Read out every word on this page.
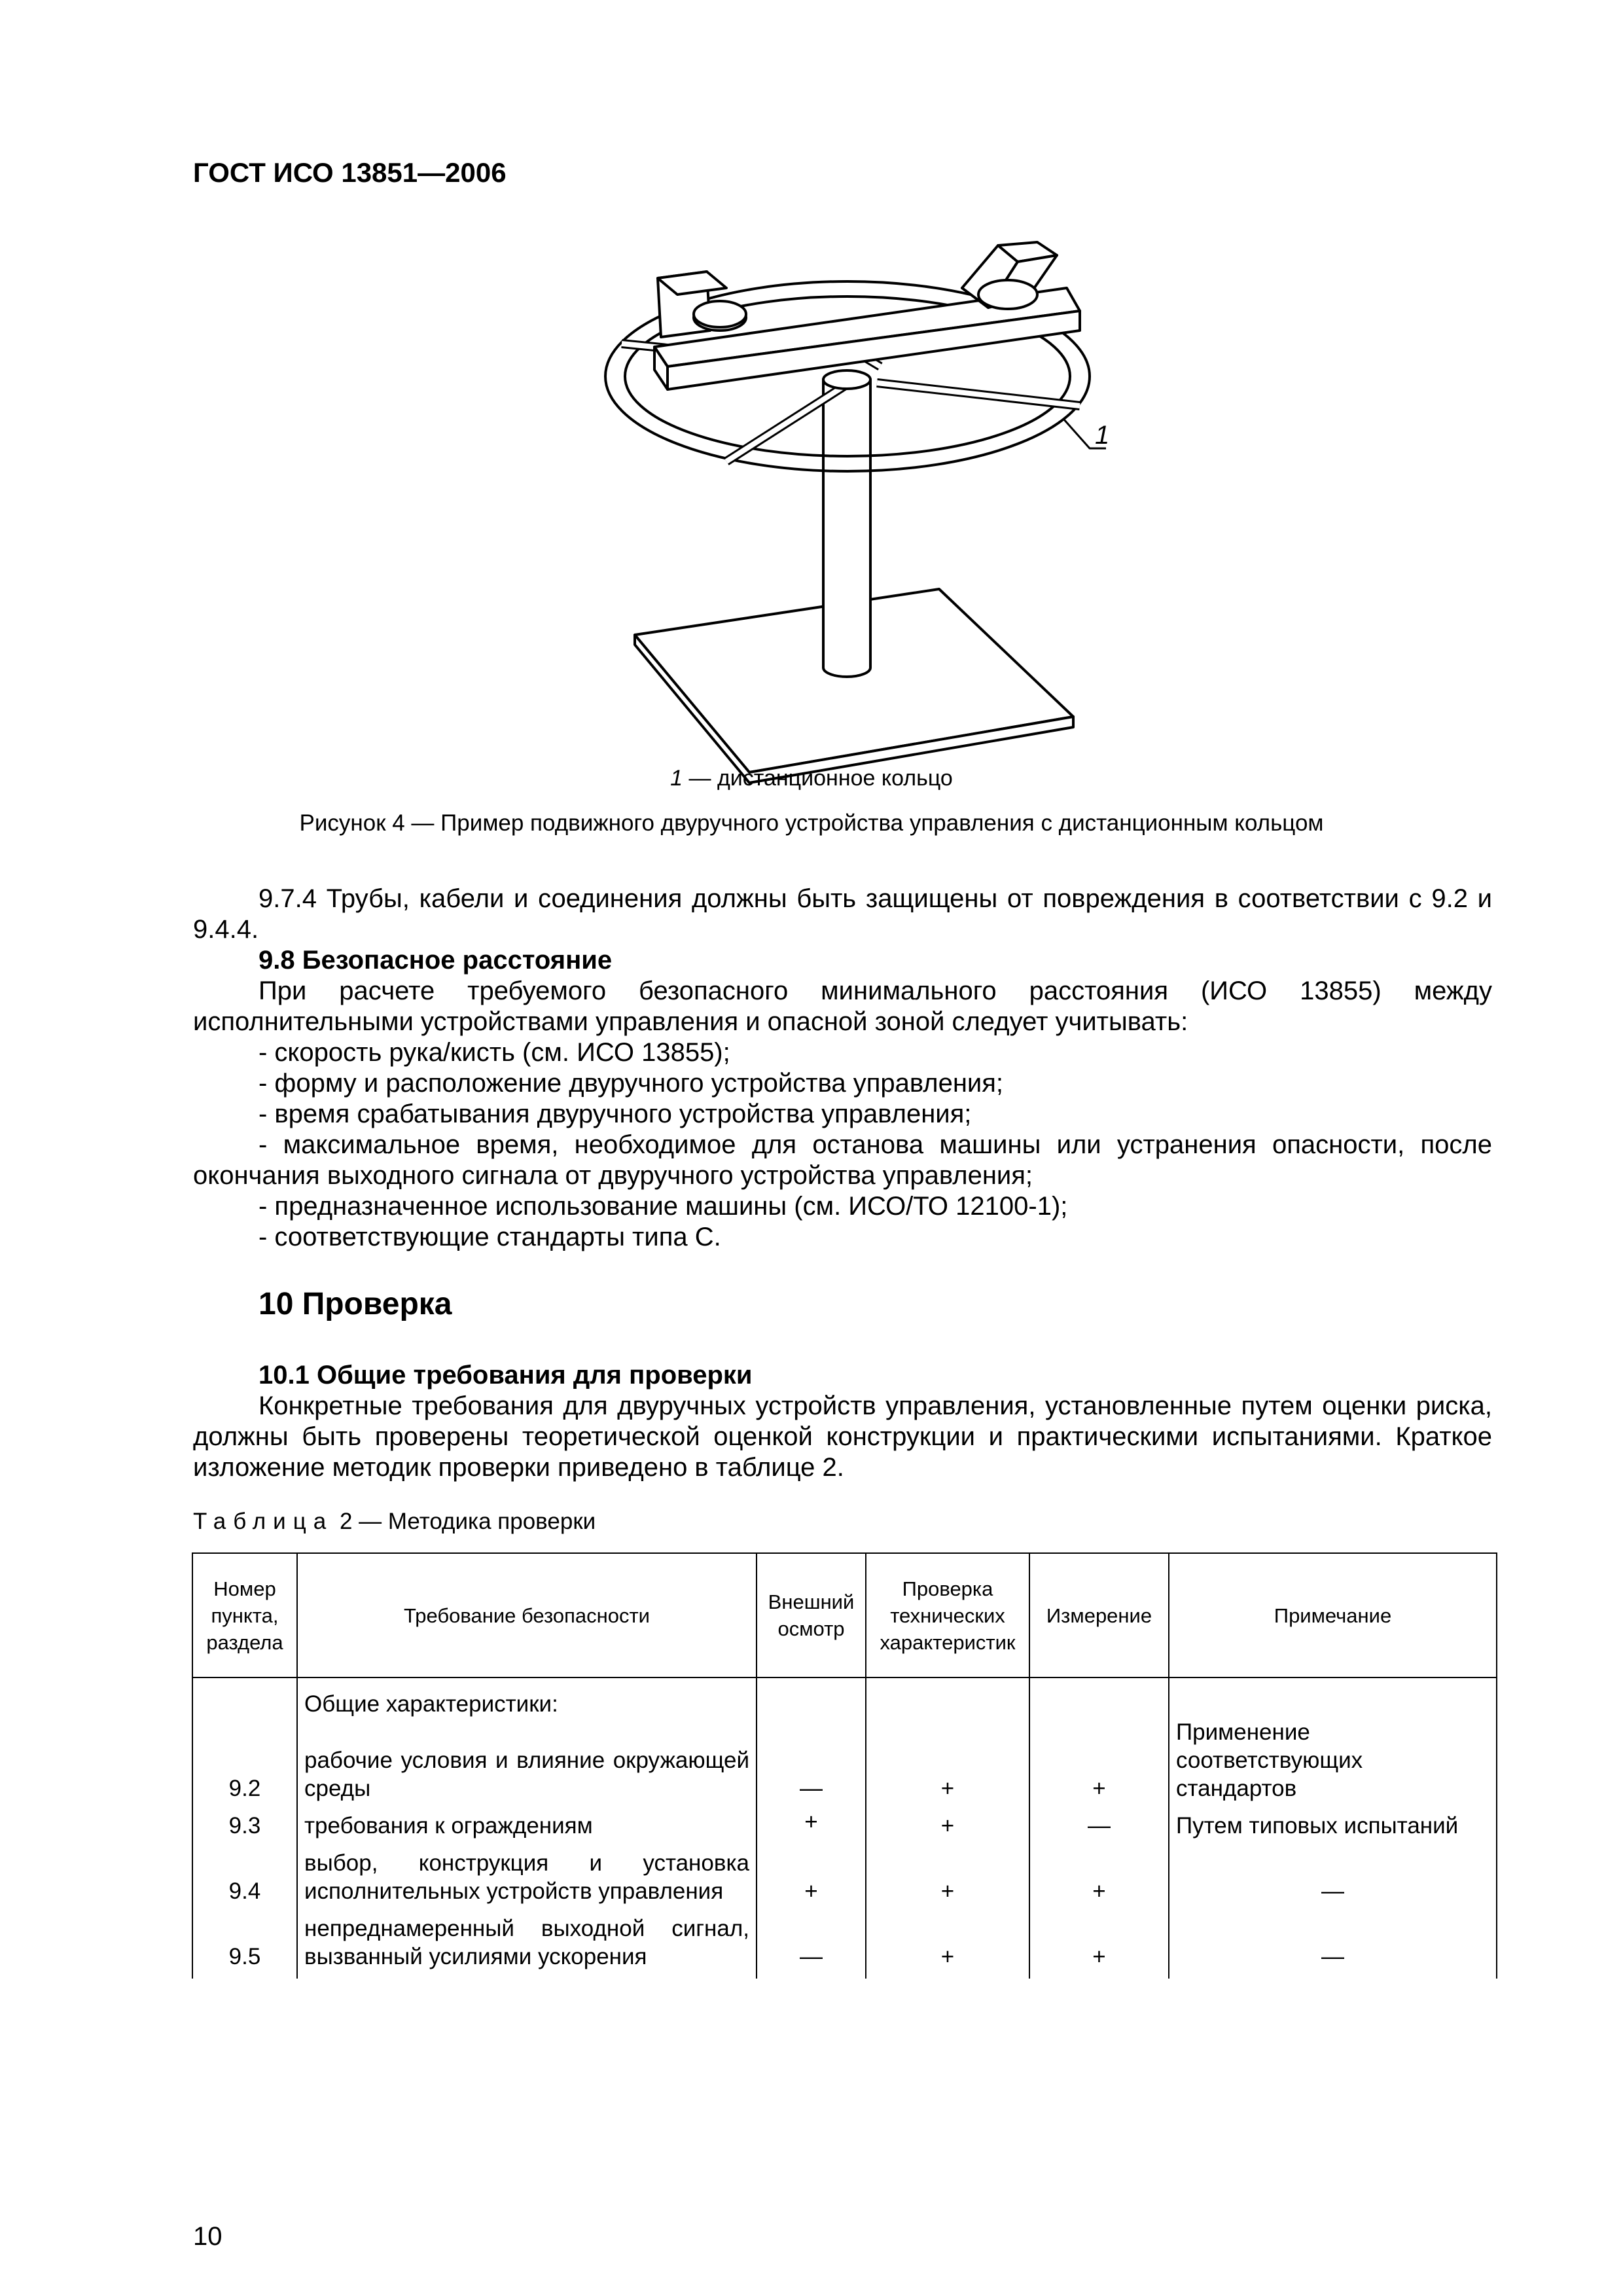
ГОСТ ИСО 13851—2006
1
1 — дистанционное кольцо
Рисунок 4 — Пример подвижного двуручного устройства управления с дистанционным кольцом

9.7.4 Трубы, кабели и соединения должны быть защищены от повреждения в соответствии с 9.2 и 9.4.4.

9.8 Безопасное расстояние

При расчете требуемого безопасного минимального расстояния (ИСО 13855) между исполнительными устройствами управления и опасной зоной следует учитывать:

- скорость рука/кисть (см. ИСО 13855);

- форму и расположение двуручного устройства управления;

- время срабатывания двуручного устройства управления;

- максимальное время, необходимое для останова машины или устранения опасности, после окончания выходного сигнала от двуручного устройства управления;

- предназначенное использование машины (см. ИСО/ТО 12100-1);

- соответствующие стандарты типа С.

10 Проверка

10.1 Общие требования для проверки

Конкретные требования для двуручных устройств управления, установленные путем оценки риска, должны быть проверены теоретической оценкой конструкции и практическими испытаниями. Краткое изложение методик проверки приведено в таблице 2.

Таблица 2 — Методика проверки
Номер пункта, раздела	Требование безопасности	Внешний осмотр	Проверка технических характеристик	Измерение	Примечание
	Общие характеристики:				
9.2	рабочие условия и влияние окружающей среды	—	+	+	Применение соответствующих стандартов
9.3	требования к ограждениям	+	+	—	Путем типовых испытаний
9.4	выбор, конструкция и установка исполнительных устройств управления	+	+	+	—
9.5	непреднамеренный выходной сигнал, вызванный усилиями ускорения	—	+	+	—
10
